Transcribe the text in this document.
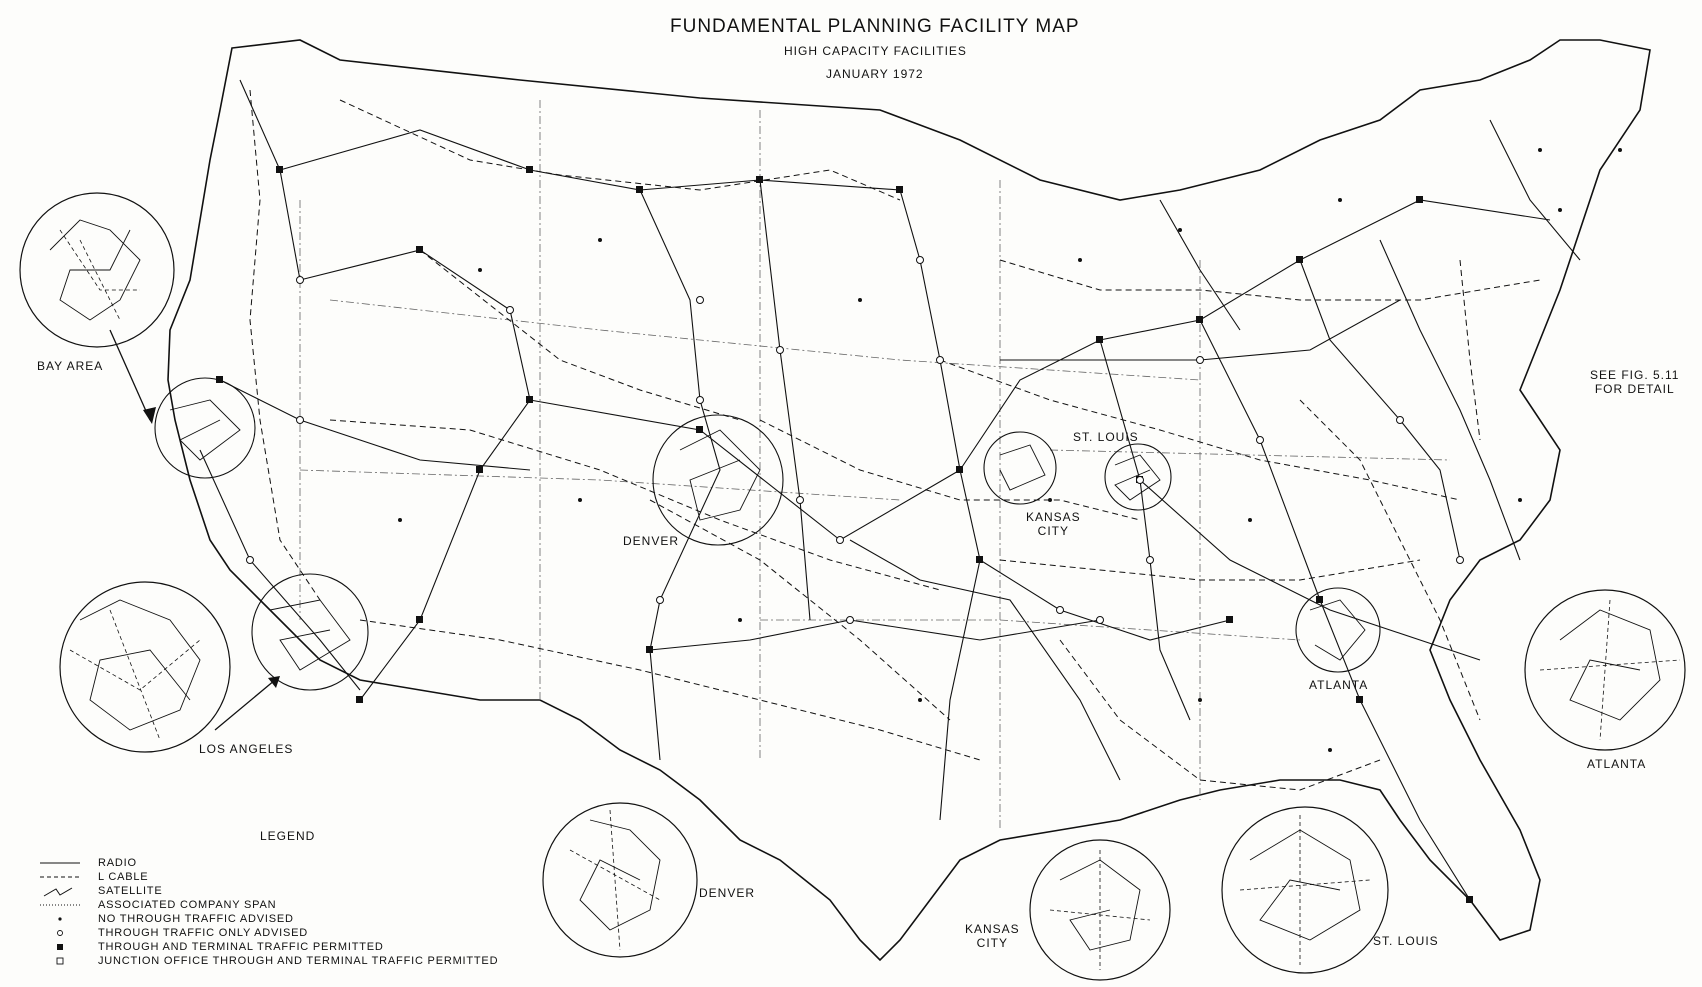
FUNDAMENTAL PLANNING FACILITY MAP
HIGH CAPACITY FACILITIES
JANUARY 1972
BAY AREA
LOS ANGELES
DENVER
DENVER
KANSAS
CITY
KANSAS
CITY
ST. LOUIS
ST. LOUIS
ATLANTA
ATLANTA
SEE FIG. 5.11
FOR DETAIL
LEGEND
RADIO
L CABLE
SATELLITE
ASSOCIATED COMPANY SPAN
NO THROUGH TRAFFIC ADVISED
THROUGH TRAFFIC ONLY ADVISED
THROUGH AND TERMINAL TRAFFIC PERMITTED
JUNCTION OFFICE THROUGH AND TERMINAL TRAFFIC PERMITTED
